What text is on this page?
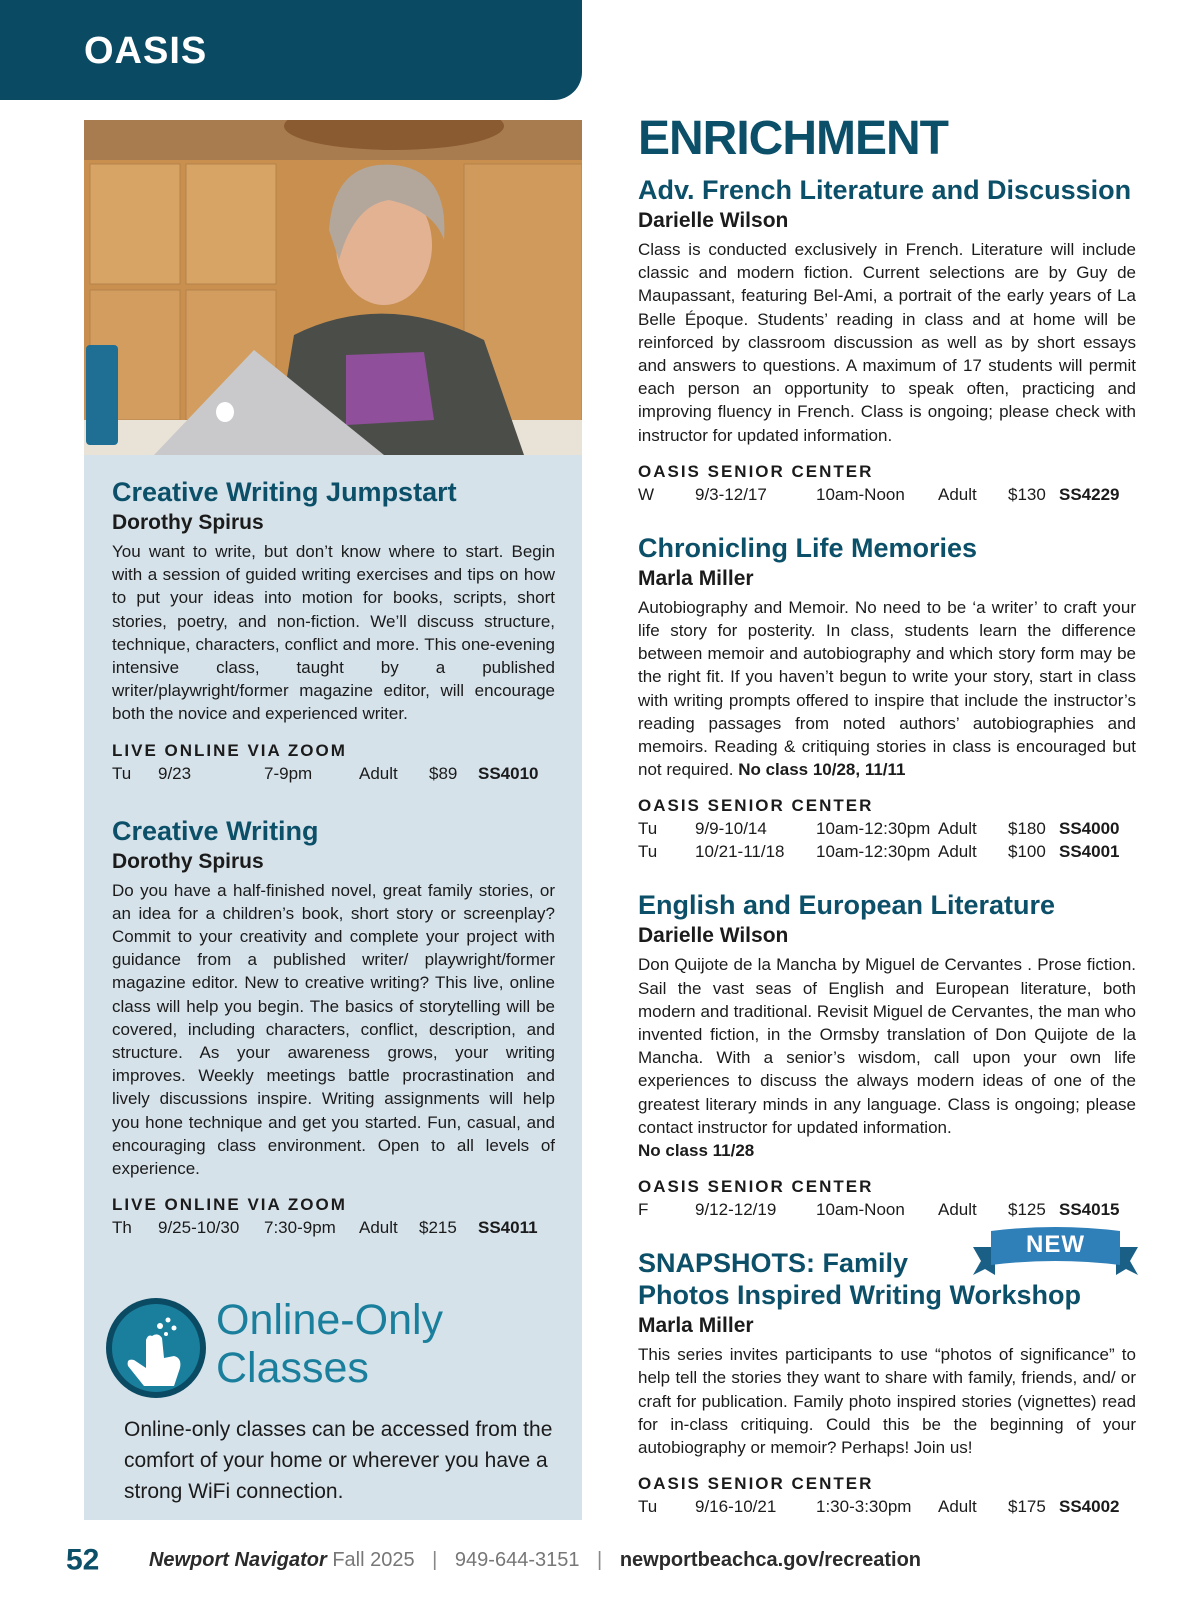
OASIS
Creative Writing Jumpstart
Dorothy Spirus

You want to write, but don’t know where to start. Begin with a session of guided writing exercises and tips on how to put your ideas into motion for books, scripts, short stories, poetry, and non-fiction. We’ll discuss structure, technique, characters, conflict and more. This one-evening intensive class, taught by a published writer/playwright/former magazine editor, will encourage both the novice and experienced writer.

LIVE ONLINE VIA ZOOM
Tu 9/23	7-9pm	Adult $89 SS4010
Creative Writing
Dorothy Spirus

Do you have a half-finished novel, great family stories, or an idea for a children’s book, short story or screenplay? Commit to your creativity and complete your project with guidance from a published writer/ playwright/former magazine editor. New to creative writing? This live, online class will help you begin. The basics of storytelling will be covered, including characters, conflict, description, and structure. As your awareness grows, your writing improves. Weekly meetings battle procrastination and lively discussions inspire. Writing assignments will help you hone technique and get you started. Fun, casual, and encouraging class environment. Open to all levels of experience.

LIVE ONLINE VIA ZOOM
Th 9/25-10/30 7:30-9pm Adult $215 SS4011
Online-Only
Classes
Online-only classes can be accessed from the comfort of your home or wherever you have a strong WiFi connection.
ENRICHMENT
Adv. French Literature and Discussion
Darielle Wilson

Class is conducted exclusively in French. Literature will include classic and modern fiction. Current selections are by Guy de Maupassant, featuring Bel-Ami, a portrait of the early years of La Belle Époque. Students’ reading in class and at home will be reinforced by classroom discussion as well as by short essays and answers to questions. A maximum of 17 students will permit each person an opportunity to speak often, practicing and improving fluency in French. Class is ongoing; please check with instructor for updated information.

OASIS SENIOR CENTER
W 9/3-12/17	10am-Noon Adult $130 SS4229
Chronicling Life Memories
Marla Miller

Autobiography and Memoir. No need to be ‘a writer’ to craft your life story for posterity. In class, students learn the difference between memoir and autobiography and which story form may be the right fit. If you haven’t begun to write your story, start in class with writing prompts offered to inspire that include the instructor’s reading passages from noted authors’ autobiographies and memoirs. Reading & critiquing stories in class is encouraged but not required. No class 10/28, 11/11

OASIS SENIOR CENTER
Tu 9/9-10/14	10am-12:30pm Adult $180 SS4000
Tu 10/21-11/18 10am-12:30pm Adult $100 SS4001
English and European Literature
Darielle Wilson

Don Quijote de la Mancha by Miguel de Cervantes . Prose fiction. Sail the vast seas of English and European literature, both modern and traditional. Revisit Miguel de Cervantes, the man who invented fiction, in the Ormsby translation of Don Quijote de la Mancha. With a senior’s wisdom, call upon your own life experiences to discuss the always modern ideas of one of the greatest literary minds in any language. Class is ongoing; please contact instructor for updated information.
No class 11/28

OASIS SENIOR CENTER
F	9/12-12/19 10am-Noon Adult $125 SS4015
SNAPSHOTS: Family
Photos Inspired Writing Workshop
NEW
Marla Miller

This series invites participants to use “photos of significance” to help tell the stories they want to share with family, friends, and/ or craft for publication. Family photo inspired stories (vignettes) read for in-class critiquing. Could this be the beginning of your autobiography or memoir? Perhaps! Join us!

OASIS SENIOR CENTER
Tu 9/16-10/21 1:30-3:30pm Adult $175 SS4002
52 Newport Navigator Fall 2025 | 949-644-3151 | newportbeachca.gov/recreation
